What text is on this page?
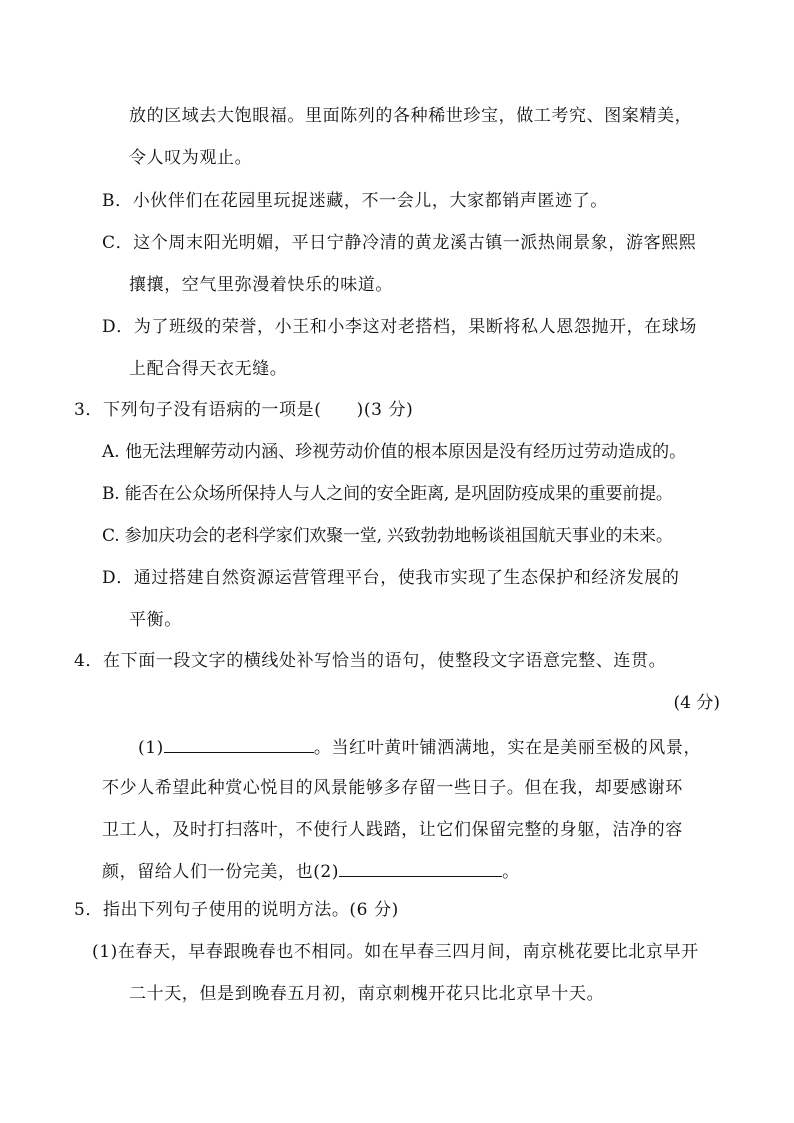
放的区域去大饱眼福。里面陈列的各种稀世珍宝，做工考究、图案精美，
令人叹为观止。
B．小伙伴们在花园里玩捉迷藏，不一会儿，大家都销声匿迹了。
C．这个周末阳光明媚，平日宁静冷清的黄龙溪古镇一派热闹景象，游客熙熙
攘攘，空气里弥漫着快乐的味道。
D．为了班级的荣誉，小王和小李这对老搭档，果断将私人恩怨抛开，在球场
上配合得天衣无缝。
3．下列句子没有语病的一项是(　　)(3 分)
A. 他无法理解劳动内涵、珍视劳动价值的根本原因是没有经历过劳动造成的。
B. 能否在公众场所保持人与人之间的安全距离, 是巩固防疫成果的重要前提。
C. 参加庆功会的老科学家们欢聚一堂, 兴致勃勃地畅谈祖国航天事业的未来。
D．通过搭建自然资源运营管理平台，使我市实现了生态保护和经济发展的
平衡。
4．在下面一段文字的横线处补写恰当的语句，使整段文字语意完整、连贯。
(4 分)
(1)	。当红叶黄叶铺洒满地，实在是美丽至极的风景，
不少人希望此种赏心悦目的风景能够多存留一些日子。但在我，却要感谢环
卫工人，及时打扫落叶，不使行人践踏，让它们保留完整的身躯，洁净的容
颜，留给人们一份完美，也(2)	。
5．指出下列句子使用的说明方法。(6 分)
(1)在春天，早春跟晚春也不相同。如在早春三四月间，南京桃花要比北京早开
二十天，但是到晚春五月初，南京刺槐开花只比北京早十天。
